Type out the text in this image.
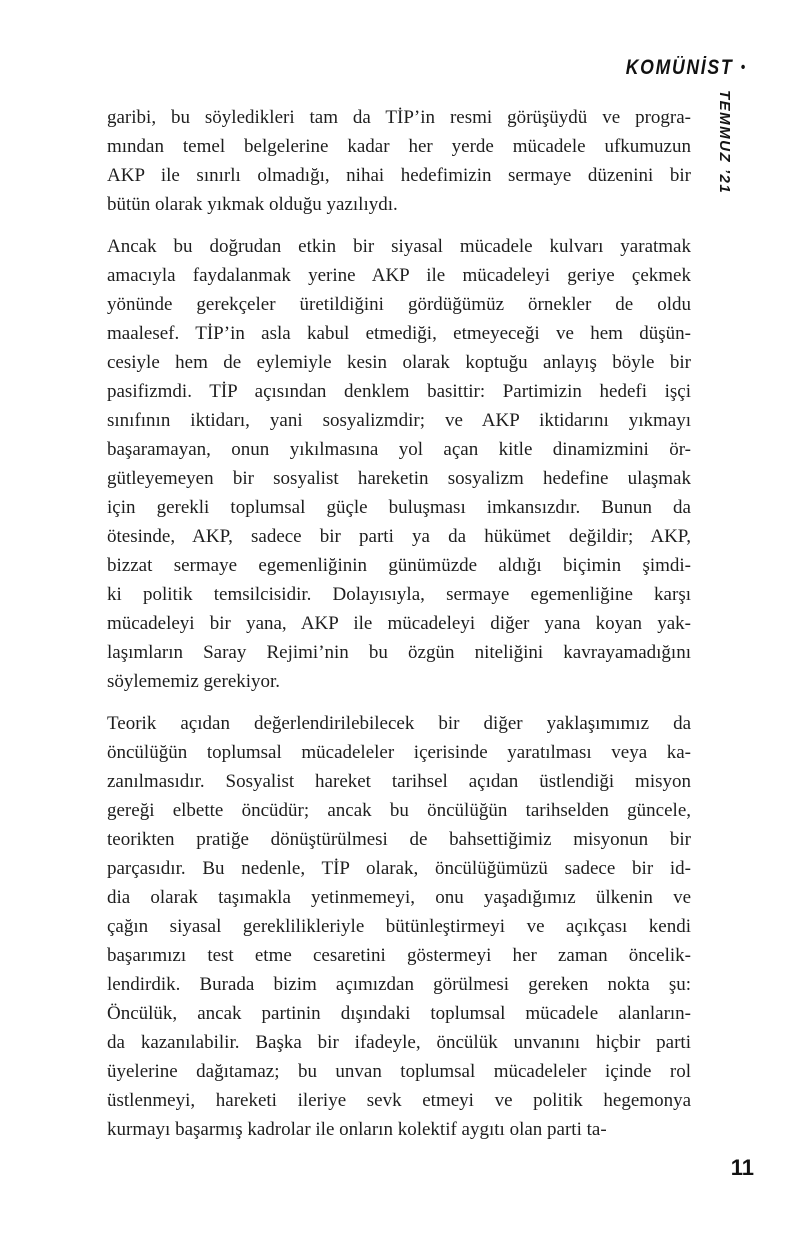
KOMÜNİST •
TEMMUZ ’21
garibi, bu söyledikleri tam da TİP’in resmi görüşüydü ve progra-
mından temel belgelerine kadar her yerde mücadele ufkumuzun
AKP ile sınırlı olmadığı, nihai hedefimizin sermaye düzenini bir
bütün olarak yıkmak olduğu yazılıydı.
Ancak bu doğrudan etkin bir siyasal mücadele kulvarı yaratmak
amacıyla faydalanmak yerine AKP ile mücadeleyi geriye çekmek
yönünde gerekçeler üretildiğini gördüğümüz örnekler de oldu
maalesef. TİP’in asla kabul etmediği, etmeyeceği ve hem düşün-
cesiyle hem de eylemiyle kesin olarak koptuğu anlayış böyle bir
pasifizmdi. TİP açısından denklem basittir: Partimizin hedefi işçi
sınıfının iktidarı, yani sosyalizmdir; ve AKP iktidarını yıkmayı
başaramayan, onun yıkılmasına yol açan kitle dinamizmini ör-
gütleyemeyen bir sosyalist hareketin sosyalizm hedefine ulaşmak
için gerekli toplumsal güçle buluşması imkansızdır. Bunun da
ötesinde, AKP, sadece bir parti ya da hükümet değildir; AKP,
bizzat sermaye egemenliğinin günümüzde aldığı biçimin şimdi-
ki politik temsilcisidir. Dolayısıyla, sermaye egemenliğine karşı
mücadeleyi bir yana, AKP ile mücadeleyi diğer yana koyan yak-
laşımların Saray Rejimi’nin bu özgün niteliğini kavrayamadığını
söylememiz gerekiyor.
Teorik açıdan değerlendirilebilecek bir diğer yaklaşımımız da
öncülüğün toplumsal mücadeleler içerisinde yaratılması veya ka-
zanılmasıdır. Sosyalist hareket tarihsel açıdan üstlendiği misyon
gereği elbette öncüdür; ancak bu öncülüğün tarihselden güncele,
teorikten pratiğe dönüştürülmesi de bahsettiğimiz misyonun bir
parçasıdır. Bu nedenle, TİP olarak, öncülüğümüzü sadece bir id-
dia olarak taşımakla yetinmemeyi, onu yaşadığımız ülkenin ve
çağın siyasal gereklilikleriyle bütünleştirmeyi ve açıkçası kendi
başarımızı test etme cesaretini göstermeyi her zaman öncelik-
lendirdik. Burada bizim açımızdan görülmesi gereken nokta şu:
Öncülük, ancak partinin dışındaki toplumsal mücadele alanların-
da kazanılabilir. Başka bir ifadeyle, öncülük unvanını hiçbir parti
üyelerine dağıtamaz; bu unvan toplumsal mücadeleler içinde rol
üstlenmeyi, hareketi ileriye sevk etmeyi ve politik hegemonya
kurmayı başarmış kadrolar ile onların kolektif aygıtı olan parti ta-
11
